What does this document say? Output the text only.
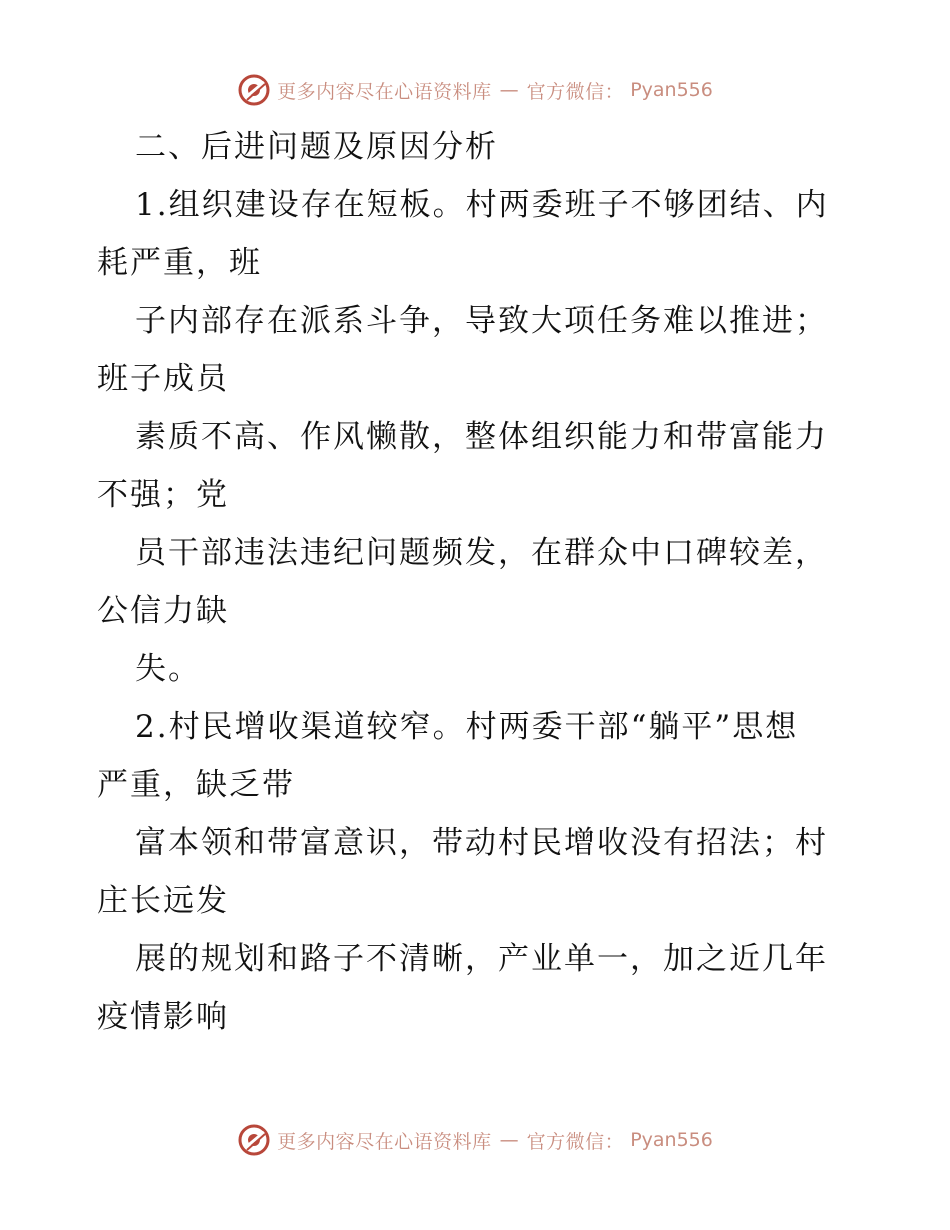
更多内容尽在心语资料库 — 官方微信： Pyan556
二、后进问题及原因分析
1.组织建设存在短板。村两委班子不够团结、内
耗严重，班
子内部存在派系斗争，导致大项任务难以推进；
班子成员
素质不高、作风懒散，整体组织能力和带富能力
不强；党
员干部违法违纪问题频发，在群众中口碑较差，
公信力缺
失。
2.村民增收渠道较窄。村两委干部“躺平”思想
严重，缺乏带
富本领和带富意识，带动村民增收没有招法；村
庄长远发
展的规划和路子不清晰，产业单一，加之近几年
疫情影响
更多内容尽在心语资料库 — 官方微信： Pyan556
